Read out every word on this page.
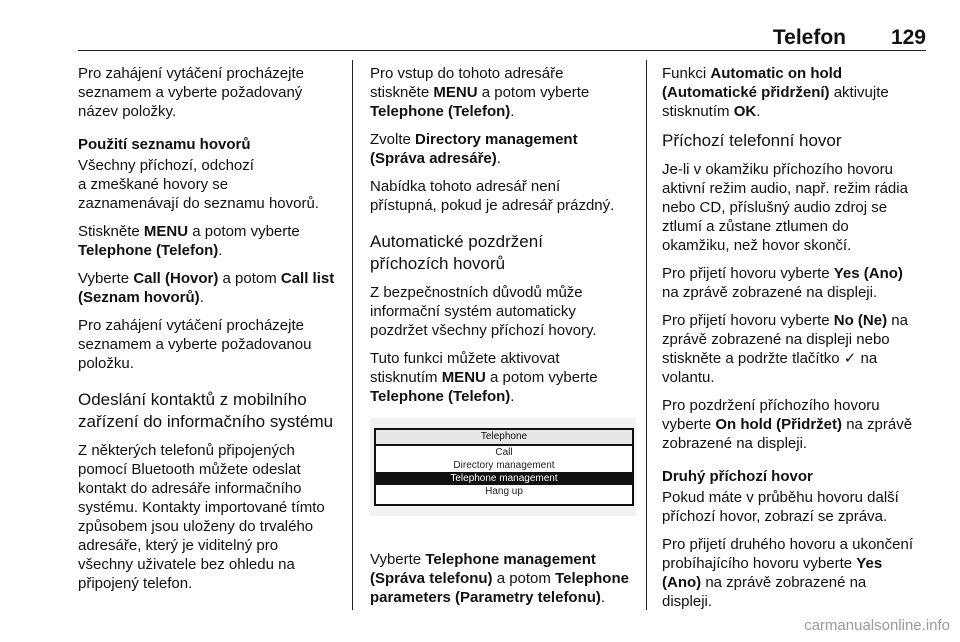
Telefon 129

Pro zahájení vytáčení procházejte
seznamem a vyberte požadovaný
název položky.

Použití seznamu hovorů

Všechny příchozí, odchozí
a zmeškané hovory se
zaznamenávají do seznamu hovorů.

Stiskněte MENU a potom vyberte
Telephone (Telefon).

Vyberte Call (Hovor) a potom Call list
(Seznam hovorů).

Pro zahájení vytáčení procházejte
seznamem a vyberte požadovanou
položku.

Odeslání kontaktů z mobilního
zařízení do informačního systému

Z některých telefonů připojených
pomocí Bluetooth můžete odeslat
kontakt do adresáře informačního
systému. Kontakty importované tímto
způsobem jsou uloženy do trvalého
adresáře, který je viditelný pro
všechny uživatele bez ohledu na
připojený telefon.

Pro vstup do tohoto adresáře
stiskněte MENU a potom vyberte
Telephone (Telefon).

Zvolte Directory management
(Správa adresáře).

Nabídka tohoto adresář není
přístupná, pokud je adresář prázdný.

Automatické pozdržení
příchozích hovorů

Z bezpečnostních důvodů může
informační systém automaticky
pozdržet všechny příchozí hovory.

Tuto funkci můžete aktivovat
stisknutím MENU a potom vyberte
Telephone (Telefon).

Telephone
Call
Directory management
Telephone management
Hang up

Vyberte Telephone management
(Správa telefonu) a potom Telephone
parameters (Parametry telefonu).

Funkci Automatic on hold
(Automatické přidržení) aktivujte
stisknutím OK.

Příchozí telefonní hovor

Je-li v okamžiku příchozího hovoru
aktivní režim audio, např. režim rádia
nebo CD, příslušný audio zdroj se
ztlumí a zůstane ztlumen do
okamžiku, než hovor skončí.

Pro přijetí hovoru vyberte Yes (Ano)
na zprávě zobrazené na displeji.

Pro přijetí hovoru vyberte No (Ne) na
zprávě zobrazené na displeji nebo
stiskněte a podržte tlačítko ✓ na
volantu.

Pro pozdržení příchozího hovoru
vyberte On hold (Přidržet) na zprávě
zobrazené na displeji.

Druhý příchozí hovor

Pokud máte v průběhu hovoru další
příchozí hovor, zobrazí se zpráva.

Pro přijetí druhého hovoru a ukončení
probíhajícího hovoru vyberte Yes
(Ano) na zprávě zobrazené na
displeji.

carmanualsonline.info
